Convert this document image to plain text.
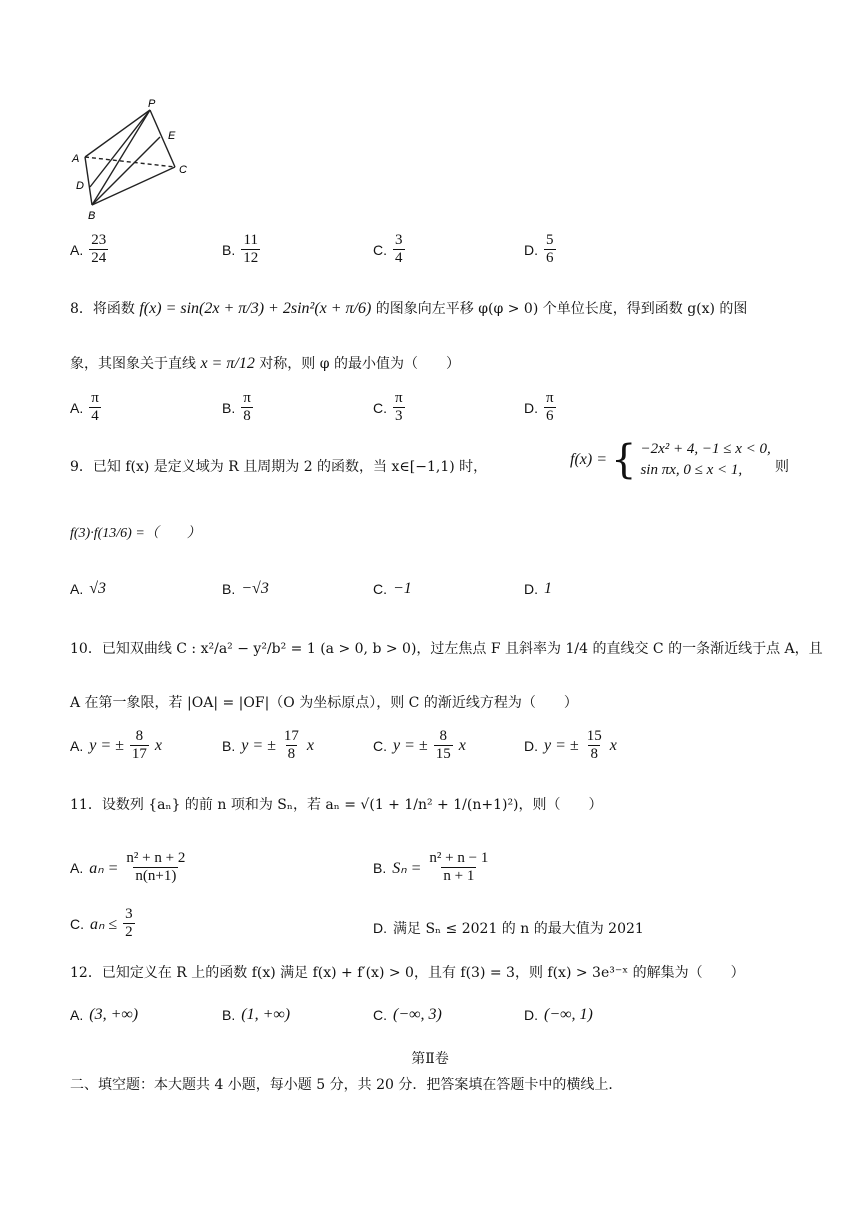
P
E
A
C
D
B
A. $\frac{23}{24}$	B. $\frac{11}{12}$	C. $\frac{3}{4}$	D. $\frac{5}{6}$
8．将函数 f(x) = sin(2x + π/3) + 2sin²(x + π/6) 的图象向左平移 φ(φ > 0) 个单位长度，得到函数 g(x) 的图
象，其图象关于直线 x = π/12 对称，则 φ 的最小值为（　　）
A. $\frac{\pi}{4}$	B. $\frac{\pi}{8}$	C. $\frac{\pi}{3}$	D. $\frac{\pi}{6}$
9．已知 f(x) 是定义域为 R 且周期为 2 的函数，当 x∈[−1,1) 时，	f(x) = { −2x² + 4, −1 ≤ x < 0,
sin πx, 0 ≤ x < 1,	则
f(3)·f(13/6) =（　　）
A. √3	B. −√3	C. −1	D. 1
10．已知双曲线 C : x²/a² − y²/b² = 1 (a > 0, b > 0)，过左焦点 F 且斜率为 1/4 的直线交 C 的一条渐近线于点 A，且
A 在第一象限，若 |OA| = |OF|（O 为坐标原点），则 C 的渐近线方程为（　　）
A. y = ± $\frac{8}{17}$ x	B. y = ± $\frac{17}{8}$ x	C. y = ± $\frac{8}{15}$ x	D. y = ± $\frac{15}{8}$ x
11．设数列 {aₙ} 的前 n 项和为 Sₙ，若 aₙ = √(1 + 1/n² + 1/(n+1)²)，则（　　）
A. $a_n = \frac{\text{n² + n + 2}}{n(n+1)}$	B. $S_n = \frac{\text{n² + n − 1}}{n + 1}$
C. $a_n \le \frac{3}{2}$	D. 满足 Sₙ ≤ 2021 的 n 的最大值为 2021
12．已知定义在 R 上的函数 f(x) 满足 f(x) + f′(x) > 0，且有 f(3) = 3，则 f(x) > 3e³⁻ˣ 的解集为（　　）
A. (3, +∞)	B. (1, +∞)	C. (−∞, 3)	D. (−∞, 1)
第Ⅱ卷
二、填空题：本大题共 4 小题，每小题 5 分，共 20 分．把答案填在答题卡中的横线上．
